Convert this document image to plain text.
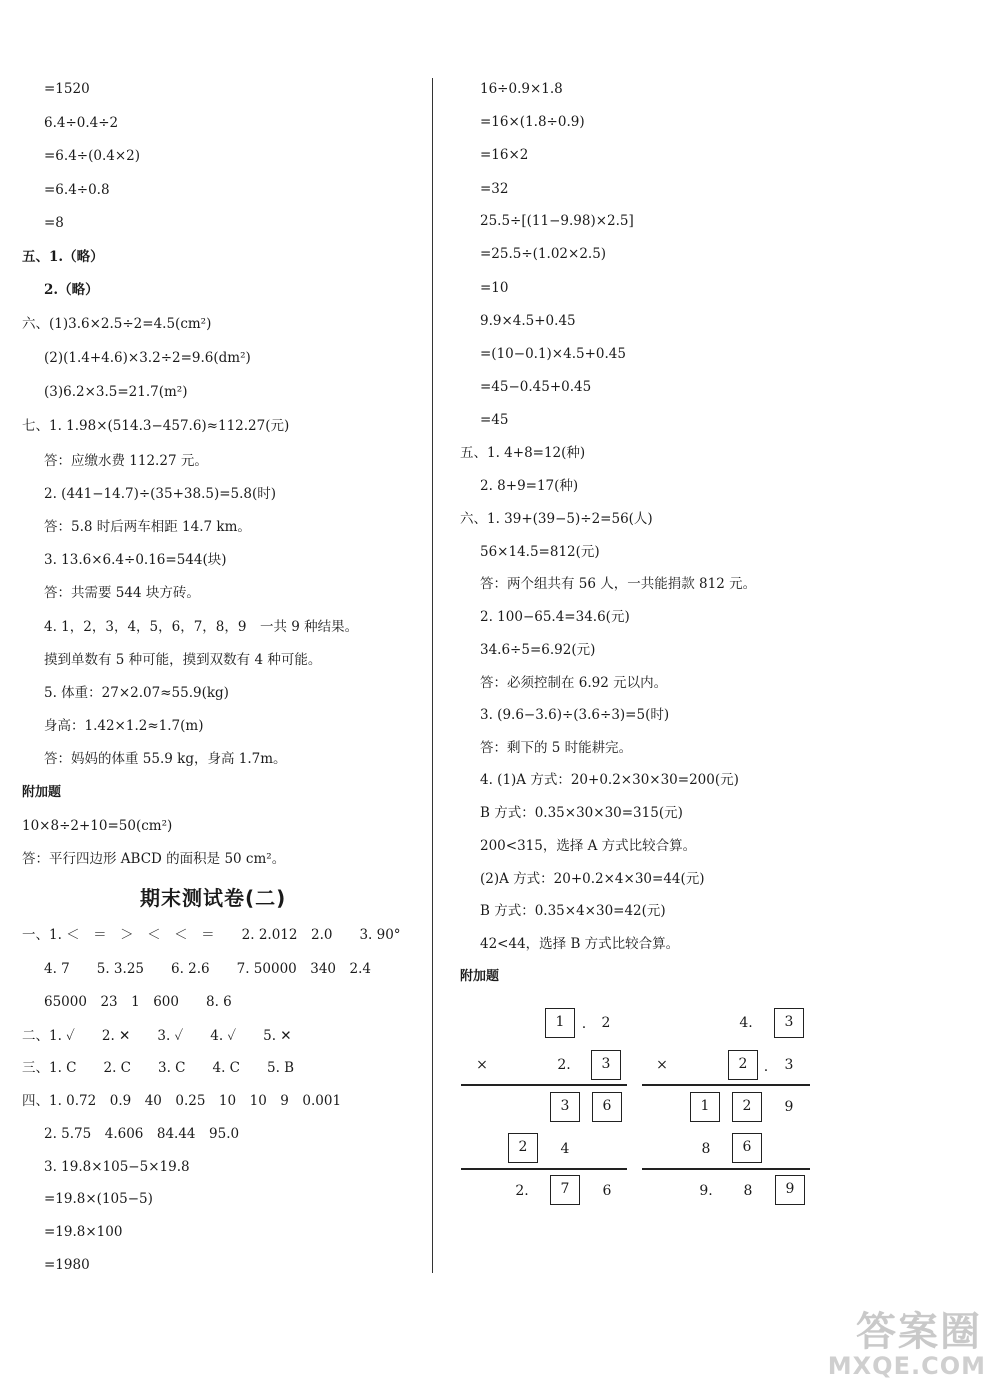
=1520
6.4÷0.4÷2
=6.4÷(0.4×2)
=6.4÷0.8
=8
五、1.（略）
2.（略）
六、(1)3.6×2.5÷2=4.5(cm²)
(2)(1.4+4.6)×3.2÷2=9.6(dm²)
(3)6.2×3.5=21.7(m²)
七、1. 1.98×(514.3−457.6)≈112.27(元)
答：应缴水费 112.27 元。
2. (441−14.7)÷(35+38.5)=5.8(时)
答：5.8 时后两车相距 14.7 km。
3. 13.6×6.4÷0.16=544(块)
答：共需要 544 块方砖。
4. 1，2，3，4，5，6，7，8，9　一共 9 种结果。
摸到单数有 5 种可能，摸到双数有 4 种可能。
5. 体重：27×2.07≈55.9(kg)
身高：1.42×1.2≈1.7(m)
答：妈妈的体重 55.9 kg，身高 1.7m。
附加题
10×8÷2+10=50(cm²)
答：平行四边形 ABCD 的面积是 50 cm²。
期末测试卷(二)
一、1. ＜　＝　＞　＜　＜　＝　　2. 2.012　2.0　　3. 90°
4. 7　　5. 3.25　　6. 2.6　　7. 50000　340　2.4
65000　23　1　600　　8. 6
二、1. ✓　　2. ✕　　3. ✓　　4. ✓　　5. ✕
三、1. C　　2. C　　3. C　　4. C　　5. B
四、1. 0.72　0.9　40　0.25　10　10　9　0.001
2. 5.75　4.606　84.44　95.0
3. 19.8×105−5×19.8
=19.8×(105−5)
=19.8×100
=1980
16÷0.9×1.8
=16×(1.8÷0.9)
=16×2
=32
25.5÷[(11−9.98)×2.5]
=25.5÷(1.02×2.5)
=10
9.9×4.5+0.45
=(10−0.1)×4.5+0.45
=45−0.45+0.45
=45
五、1. 4+8=12(种)
2. 8+9=17(种)
六、1. 39+(39−5)÷2=56(人)
56×14.5=812(元)
答：两个组共有 56 人，一共能捐款 812 元。
2. 100−65.4=34.6(元)
34.6÷5=6.92(元)
答：必须控制在 6.92 元以内。
3. (9.6−3.6)÷(3.6÷3)=5(时)
答：剩下的 5 时能耕完。
4. (1)A 方式：20+0.2×30×30=200(元)
B 方式：0.35×30×30=315(元)
200<315，选择 A 方式比较合算。
(2)A 方式：20+0.2×4×30=44(元)
B 方式：0.35×4×30=42(元)
42<44，选择 B 方式比较合算。
附加题
1	.	2
×	2.	3
3	6
2	4
2.	7	6
4.	3
×	2	.	3
1	2	9
8	6
9.	8	9
答案圈
MXQE.COM
